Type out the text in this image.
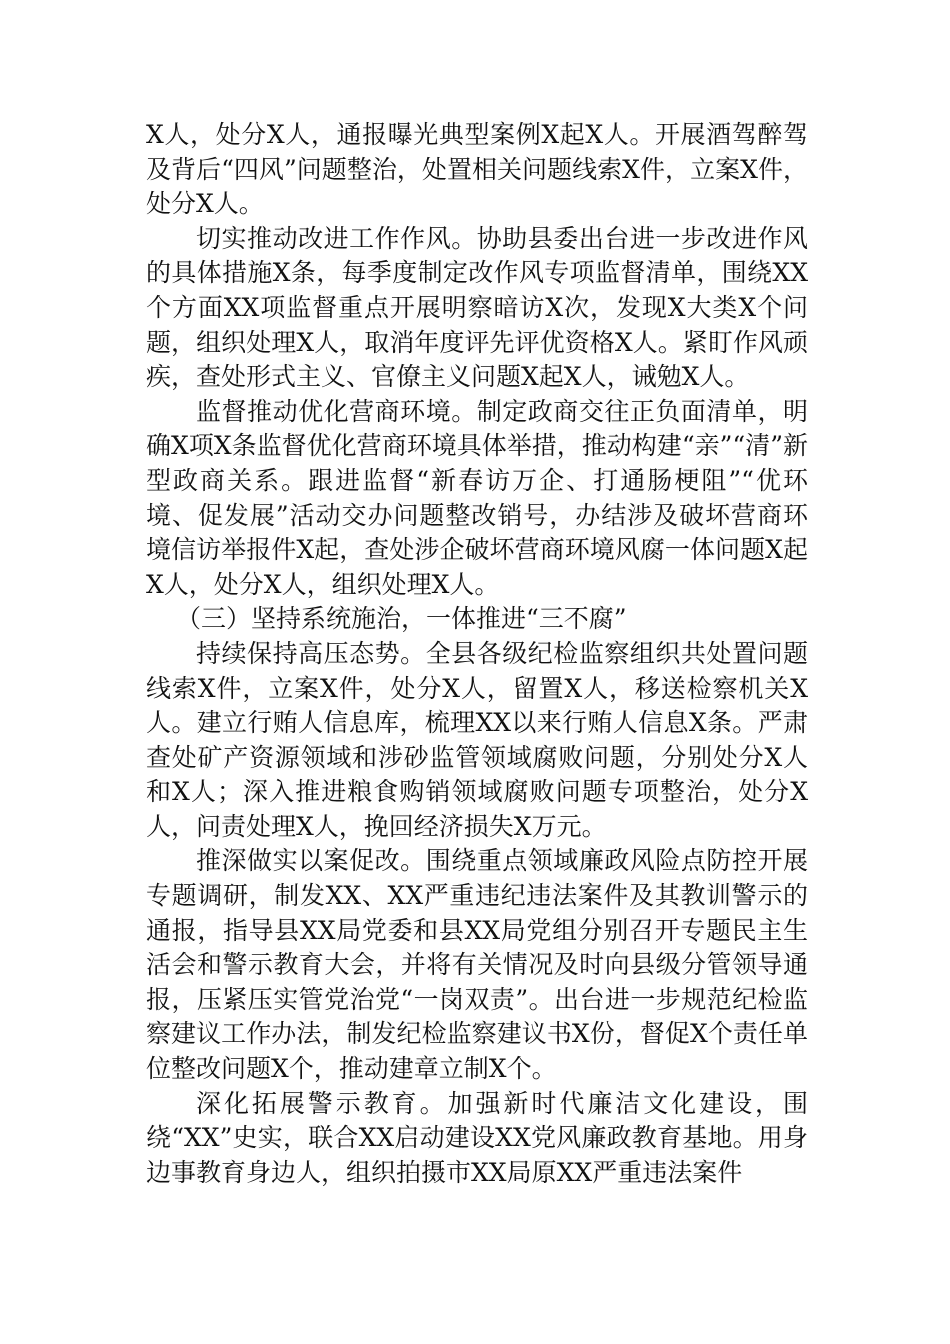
X人，处分X人，通报曝光典型案例X起X人。开展酒驾醉驾及背后“四风”问题整治，处置相关问题线索X件，立案X件，处分X人。

切实推动改进工作作风。协助县委出台进一步改进作风的具体措施X条，每季度制定改作风专项监督清单，围绕XX个方面XX项监督重点开展明察暗访X次，发现X大类X个问题，组织处理X人，取消年度评先评优资格X人。紧盯作风顽疾，查处形式主义、官僚主义问题X起X人，诫勉X人。

监督推动优化营商环境。制定政商交往正负面清单，明确X项X条监督优化营商环境具体举措，推动构建“亲”“清”新型政商关系。跟进监督“新春访万企、打通肠梗阻”“优环境、促发展”活动交办问题整改销号，办结涉及破坏营商环境信访举报件X起，查处涉企破坏营商环境风腐一体问题X起X人，处分X人，组织处理X人。

（三）坚持系统施治，一体推进“三不腐”

持续保持高压态势。全县各级纪检监察组织共处置问题线索X件，立案X件，处分X人，留置X人，移送检察机关X人。建立行贿人信息库，梳理XX以来行贿人信息X条。严肃查处矿产资源领域和涉砂监管领域腐败问题，分别处分X人和X人；深入推进粮食购销领域腐败问题专项整治，处分X人，问责处理X人，挽回经济损失X万元。

推深做实以案促改。围绕重点领域廉政风险点防控开展专题调研，制发XX、XX严重违纪违法案件及其教训警示的通报，指导县XX局党委和县XX局党组分别召开专题民主生活会和警示教育大会，并将有关情况及时向县级分管领导通报，压紧压实管党治党“一岗双责”。出台进一步规范纪检监察建议工作办法，制发纪检监察建议书X份，督促X个责任单位整改问题X个，推动建章立制X个。

深化拓展警示教育。加强新时代廉洁文化建设，围绕“XX”史实，联合XX启动建设XX党风廉政教育基地。用身边事教育身边人，组织拍摄市XX局原XX严重违法案件
